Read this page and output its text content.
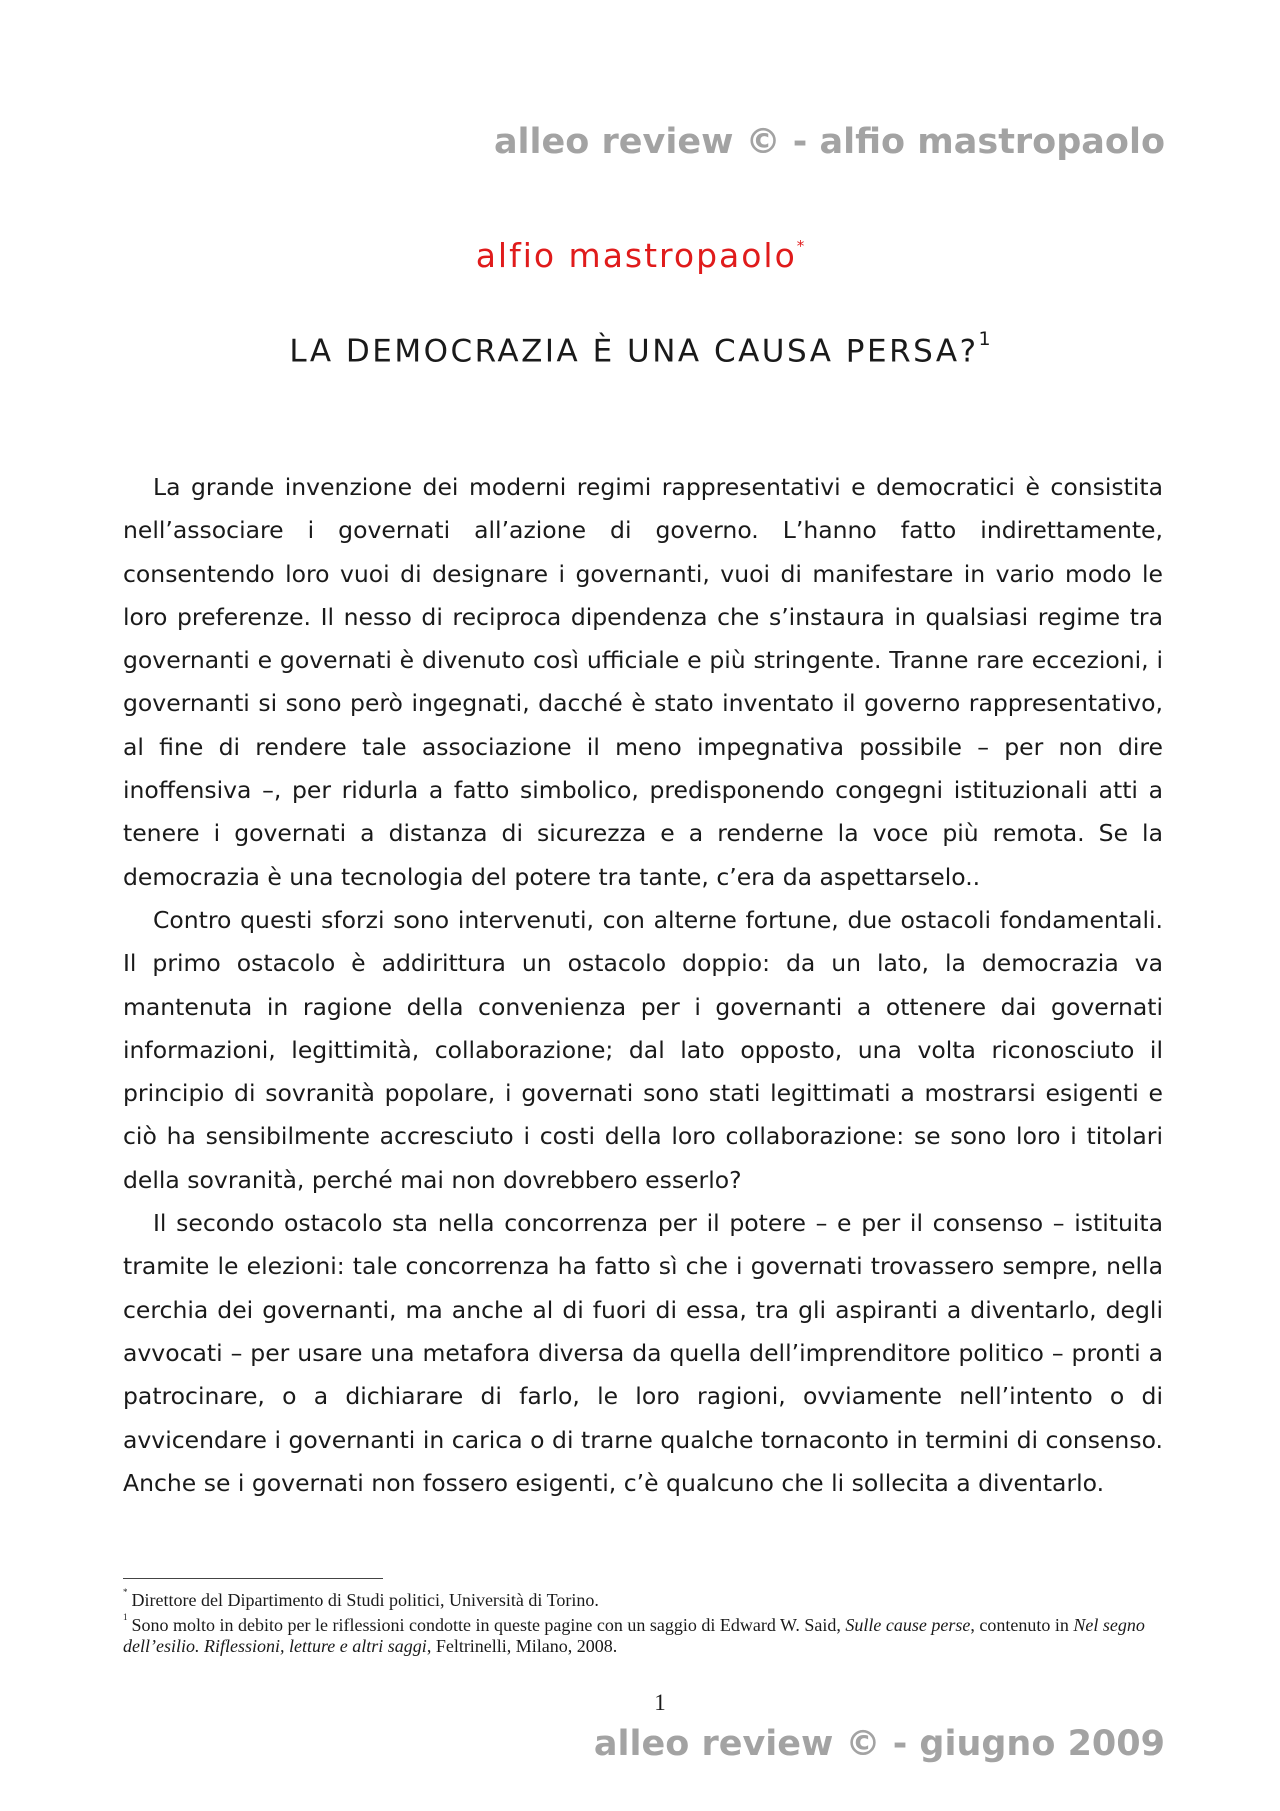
alleo review © - alfio mastropaolo
alfio mastropaolo*
LA DEMOCRAZIA È UNA CAUSA PERSA?$^1$

La grande invenzione dei moderni regimi rappresentativi e democratici è consistita nell’associare i governati all’azione di governo. L’hanno fatto indirettamente, consentendo loro vuoi di designare i governanti, vuoi di manifestare in vario modo le loro preferenze. Il nesso di reciproca dipendenza che s’instaura in qualsiasi regime tra governanti e governati è divenuto così ufficiale e più stringente. Tranne rare eccezioni, i governanti si sono però ingegnati, dacché è stato inventato il governo rappresentativo, al fine di rendere tale associazione il meno impegnativa possibile – per non dire inoffensiva –, per ridurla a fatto simbolico, predisponendo congegni istituzionali atti a tenere i governati a distanza di sicurezza e a renderne la voce più remota. Se la democrazia è una tecnologia del potere tra tante, c’era da aspettarselo..

Contro questi sforzi sono intervenuti, con alterne fortune, due ostacoli fondamentali. Il primo ostacolo è addirittura un ostacolo doppio: da un lato, la democrazia va mantenuta in ragione della convenienza per i governanti a ottenere dai governati informazioni, legittimità, collaborazione; dal lato opposto, una volta riconosciuto il principio di sovranità popolare, i governati sono stati legittimati a mostrarsi esigenti e ciò ha sensibilmente accresciuto i costi della loro collaborazione: se sono loro i titolari della sovranità, perché mai non dovrebbero esserlo?

Il secondo ostacolo sta nella concorrenza per il potere – e per il consenso – istituita tramite le elezioni: tale concorrenza ha fatto sì che i governati trovassero sempre, nella cerchia dei governanti, ma anche al di fuori di essa, tra gli aspiranti a diventarlo, degli avvocati – per usare una metafora diversa da quella dell’imprenditore politico – pronti a patrocinare, o a dichiarare di farlo, le loro ragioni, ovviamente nell’intento o di avvicendare i governanti in carica o di trarne qualche tornaconto in termini di consenso. Anche se i governati non fossero esigenti, c’è qualcuno che li sollecita a diventarlo.

* Direttore del Dipartimento di Studi politici, Università di Torino.

$^1$ Sono molto in debito per le riflessioni condotte in queste pagine con un saggio di Edward W. Said, Sulle cause perse, contenuto in Nel segno dell’esilio. Riflessioni, letture e altri saggi, Feltrinelli, Milano, 2008.

1
alleo review © - giugno 2009
